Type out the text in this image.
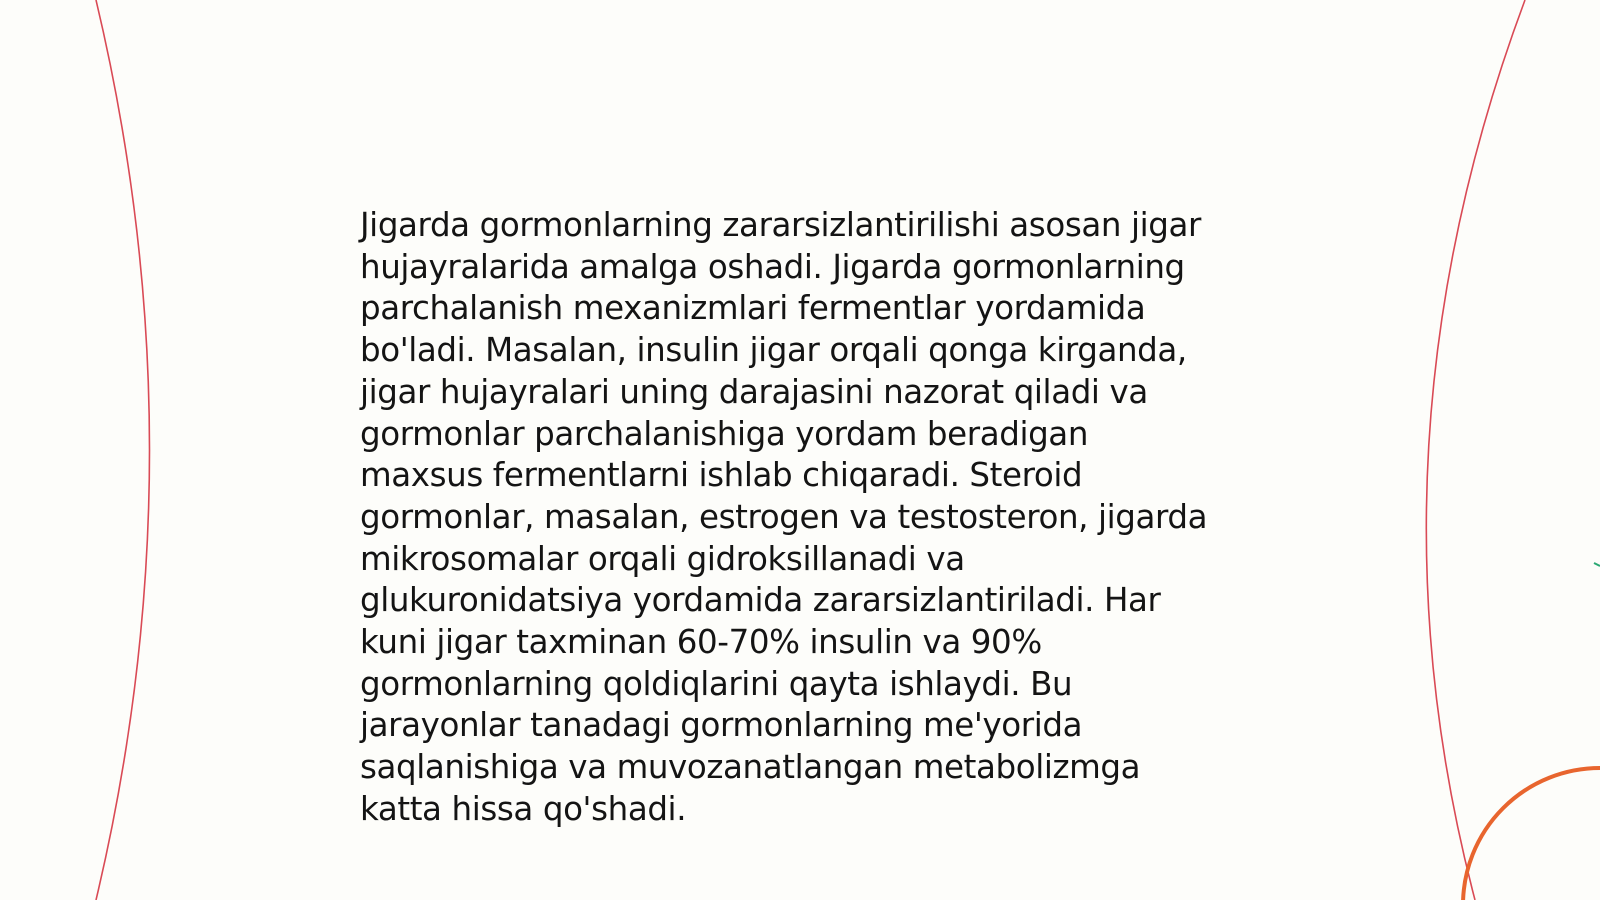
Jigarda gormonlarning zararsizlantirilishi asosan jigar
hujayralarida amalga oshadi. Jigarda gormonlarning
parchalanish mexanizmlari fermentlar yordamida
bo'ladi. Masalan, insulin jigar orqali qonga kirganda,
jigar hujayralari uning darajasini nazorat qiladi va
gormonlar parchalanishiga yordam beradigan
maxsus fermentlarni ishlab chiqaradi. Steroid
gormonlar, masalan, estrogen va testosteron, jigarda
mikrosomalar orqali gidroksillanadi va
glukuronidatsiya yordamida zararsizlantiriladi. Har
kuni jigar taxminan 60-70% insulin va 90%
gormonlarning qoldiqlarini qayta ishlaydi. Bu
jarayonlar tanadagi gormonlarning me'yorida
saqlanishiga va muvozanatlangan metabolizmga
katta hissa qo'shadi.
